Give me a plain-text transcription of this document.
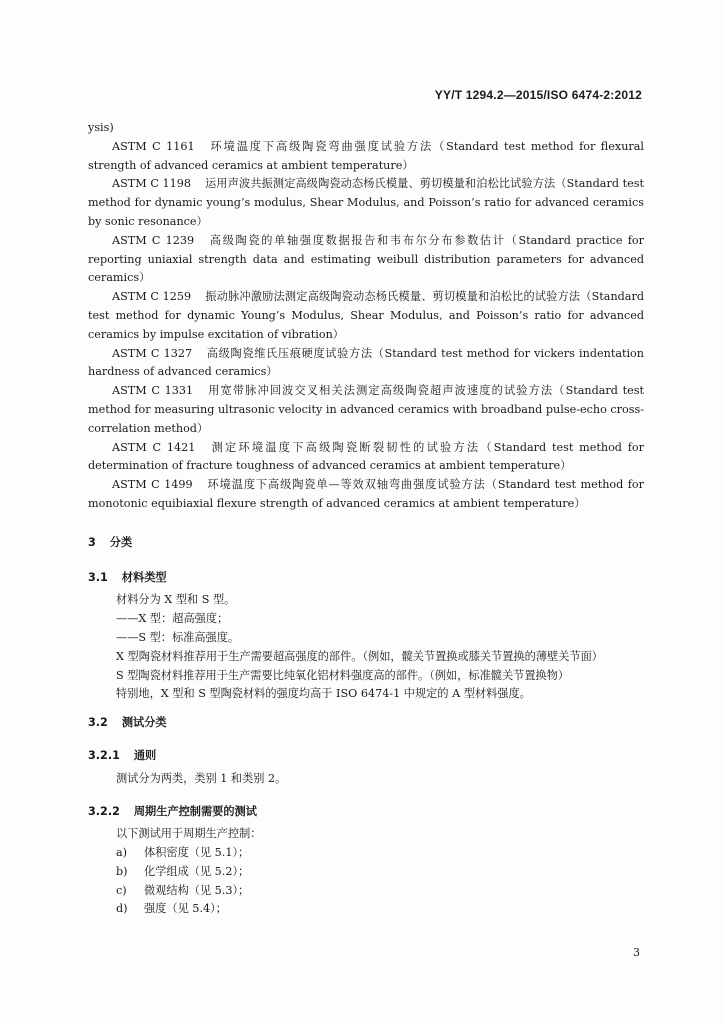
YY/T 1294.2—2015/ISO 6474-2:2012

ysis)

ASTM C 1161 环境温度下高级陶瓷弯曲强度试验方法（Standard test method for flexural strength of advanced ceramics at ambient temperature）

ASTM C 1198 运用声波共振测定高级陶瓷动态杨氏模量、剪切模量和泊松比试验方法（Standard test method for dynamic young’s modulus, Shear Modulus, and Poisson’s ratio for advanced ceramics by sonic resonance）

ASTM C 1239 高级陶瓷的单轴强度数据报告和韦布尔分布参数估计（Standard practice for reporting uniaxial strength data and estimating weibull distribution parameters for advanced ceramics）

ASTM C 1259 振动脉冲激励法测定高级陶瓷动态杨氏模量、剪切模量和泊松比的试验方法（Standard test method for dynamic Young’s Modulus, Shear Modulus, and Poisson’s ratio for advanced ceramics by impulse excitation of vibration）

ASTM C 1327 高级陶瓷维氏压痕硬度试验方法（Standard test method for vickers indentation hardness of advanced ceramics）

ASTM C 1331 用宽带脉冲回波交叉相关法测定高级陶瓷超声波速度的试验方法（Standard test method for measuring ultrasonic velocity in advanced ceramics with broadband pulse-echo cross-correlation method）

ASTM C 1421 测定环境温度下高级陶瓷断裂韧性的试验方法（Standard test method for determination of fracture toughness of advanced ceramics at ambient temperature）

ASTM C 1499 环境温度下高级陶瓷单—等效双轴弯曲强度试验方法（Standard test method for monotonic equibiaxial flexure strength of advanced ceramics at ambient temperature）

3 分类

3.1 材料类型

材料分为 X 型和 S 型。

——X 型：超高强度；

——S 型：标准高强度。

X 型陶瓷材料推荐用于生产需要超高强度的部件。（例如，髋关节置换或膝关节置换的薄壁关节面）

S 型陶瓷材料推荐用于生产需要比纯氧化铝材料强度高的部件。（例如，标准髋关节置换物）

特别地，X 型和 S 型陶瓷材料的强度均高于 ISO 6474-1 中规定的 A 型材料强度。

3.2 测试分类

3.2.1 通则

测试分为两类，类别 1 和类别 2。

3.2.2 周期生产控制需要的测试

以下测试用于周期生产控制：

a) 体积密度（见 5.1）；

b) 化学组成（见 5.2）；

c) 微观结构（见 5.3）；

d) 强度（见 5.4）；

3
